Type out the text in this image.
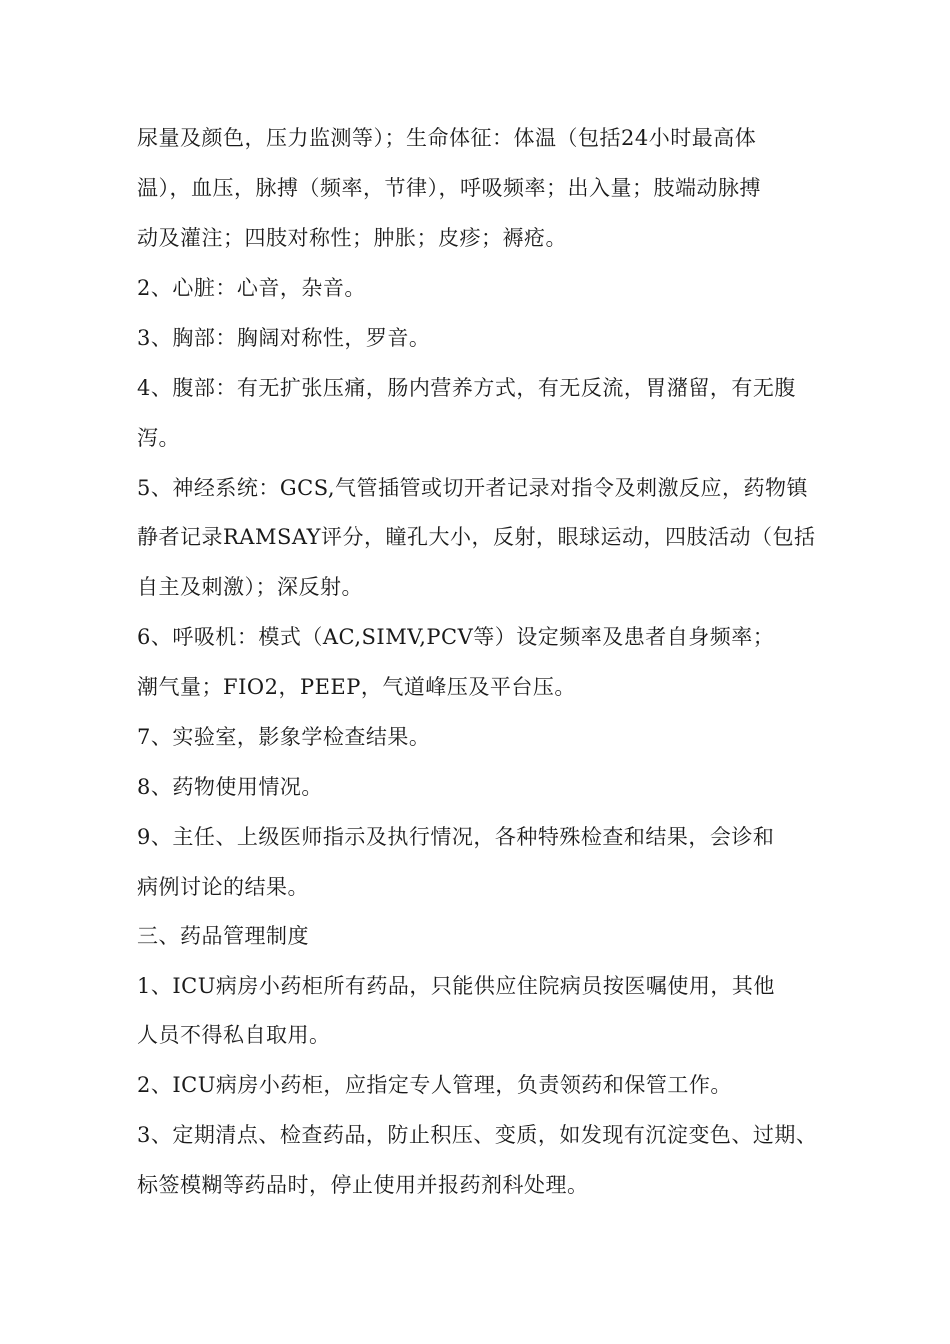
尿量及颜色，压力监测等）；生命体征：体温（包括24小时最高体

温），血压，脉搏（频率，节律），呼吸频率；出入量；肢端动脉搏

动及灌注；四肢对称性；肿胀；皮疹；褥疮。

2、心脏：心音，杂音。

3、胸部：胸阔对称性，罗音。

4、腹部：有无扩张压痛，肠内营养方式，有无反流，胃潴留，有无腹

泻。

5、神经系统：GCS,气管插管或切开者记录对指令及刺激反应，药物镇

静者记录RAMSAY评分，瞳孔大小，反射，眼球运动，四肢活动（包括

自主及刺激）；深反射。

6、呼吸机：模式（AC,SIMV,PCV等）设定频率及患者自身频率；

潮气量；FIO2，PEEP，气道峰压及平台压。

7、实验室，影象学检查结果。

8、药物使用情况。

9、主任、上级医师指示及执行情况，各种特殊检查和结果，会诊和

病例讨论的结果。

三、药品管理制度

1、ICU病房小药柜所有药品，只能供应住院病员按医嘱使用，其他

人员不得私自取用。

2、ICU病房小药柜，应指定专人管理，负责领药和保管工作。

3、定期清点、检查药品，防止积压、变质，如发现有沉淀变色、过期、

标签模糊等药品时，停止使用并报药剂科处理。
